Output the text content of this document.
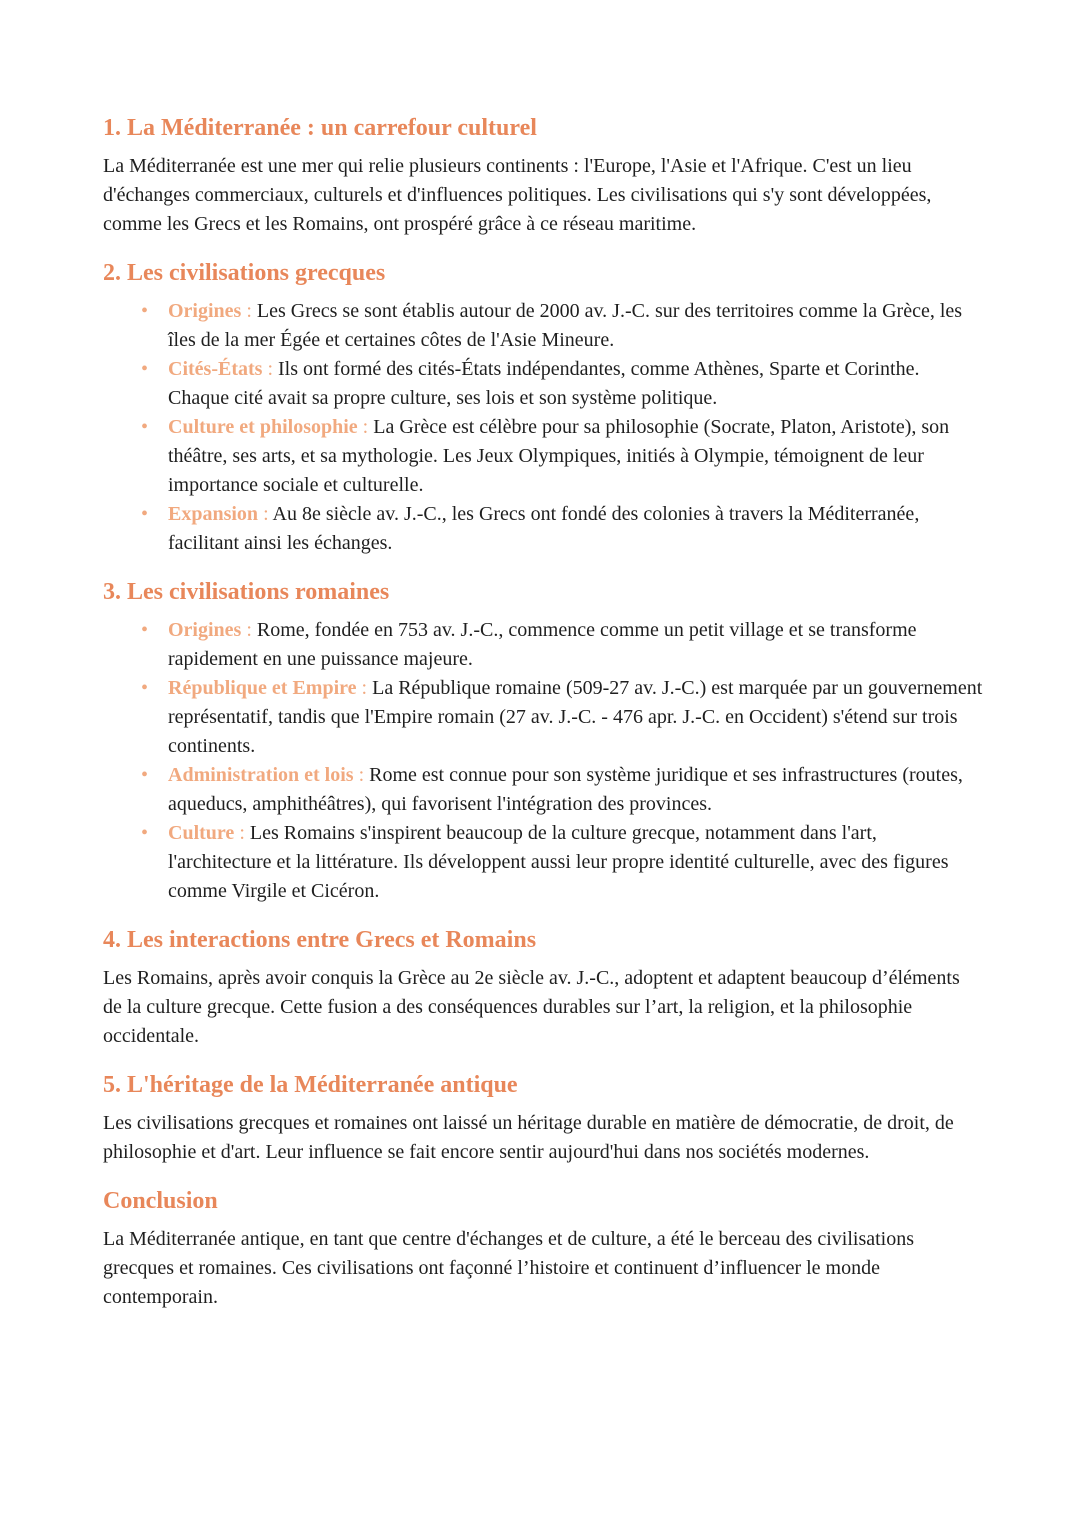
1. La Méditerranée : un carrefour culturel

La Méditerranée est une mer qui relie plusieurs continents : l'Europe, l'Asie et l'Afrique. C'est un lieu d'échanges commerciaux, culturels et d'influences politiques. Les civilisations qui s'y sont développées, comme les Grecs et les Romains, ont prospéré grâce à ce réseau maritime.

2. Les civilisations grecques
• Origines : Les Grecs se sont établis autour de 2000 av. J.-C. sur des territoires comme la Grèce, les îles de la mer Égée et certaines côtes de l'Asie Mineure.
• Cités-États : Ils ont formé des cités-États indépendantes, comme Athènes, Sparte et Corinthe. Chaque cité avait sa propre culture, ses lois et son système politique.
• Culture et philosophie : La Grèce est célèbre pour sa philosophie (Socrate, Platon, Aristote), son théâtre, ses arts, et sa mythologie. Les Jeux Olympiques, initiés à Olympie, témoignent de leur importance sociale et culturelle.
• Expansion : Au 8e siècle av. J.-C., les Grecs ont fondé des colonies à travers la Méditerranée, facilitant ainsi les échanges.
3. Les civilisations romaines
• Origines : Rome, fondée en 753 av. J.-C., commence comme un petit village et se transforme rapidement en une puissance majeure.
• République et Empire : La République romaine (509-27 av. J.-C.) est marquée par un gouvernement représentatif, tandis que l'Empire romain (27 av. J.-C. - 476 apr. J.-C. en Occident) s'étend sur trois continents.
• Administration et lois : Rome est connue pour son système juridique et ses infrastructures (routes, aqueducs, amphithéâtres), qui favorisent l'intégration des provinces.
• Culture : Les Romains s'inspirent beaucoup de la culture grecque, notamment dans l'art, l'architecture et la littérature. Ils développent aussi leur propre identité culturelle, avec des figures comme Virgile et Cicéron.
4. Les interactions entre Grecs et Romains

Les Romains, après avoir conquis la Grèce au 2e siècle av. J.-C., adoptent et adaptent beaucoup d’éléments de la culture grecque. Cette fusion a des conséquences durables sur l’art, la religion, et la philosophie occidentale.

5. L'héritage de la Méditerranée antique

Les civilisations grecques et romaines ont laissé un héritage durable en matière de démocratie, de droit, de philosophie et d'art. Leur influence se fait encore sentir aujourd'hui dans nos sociétés modernes.

Conclusion

La Méditerranée antique, en tant que centre d'échanges et de culture, a été le berceau des civilisations grecques et romaines. Ces civilisations ont façonné l’histoire et continuent d’influencer le monde contemporain.
